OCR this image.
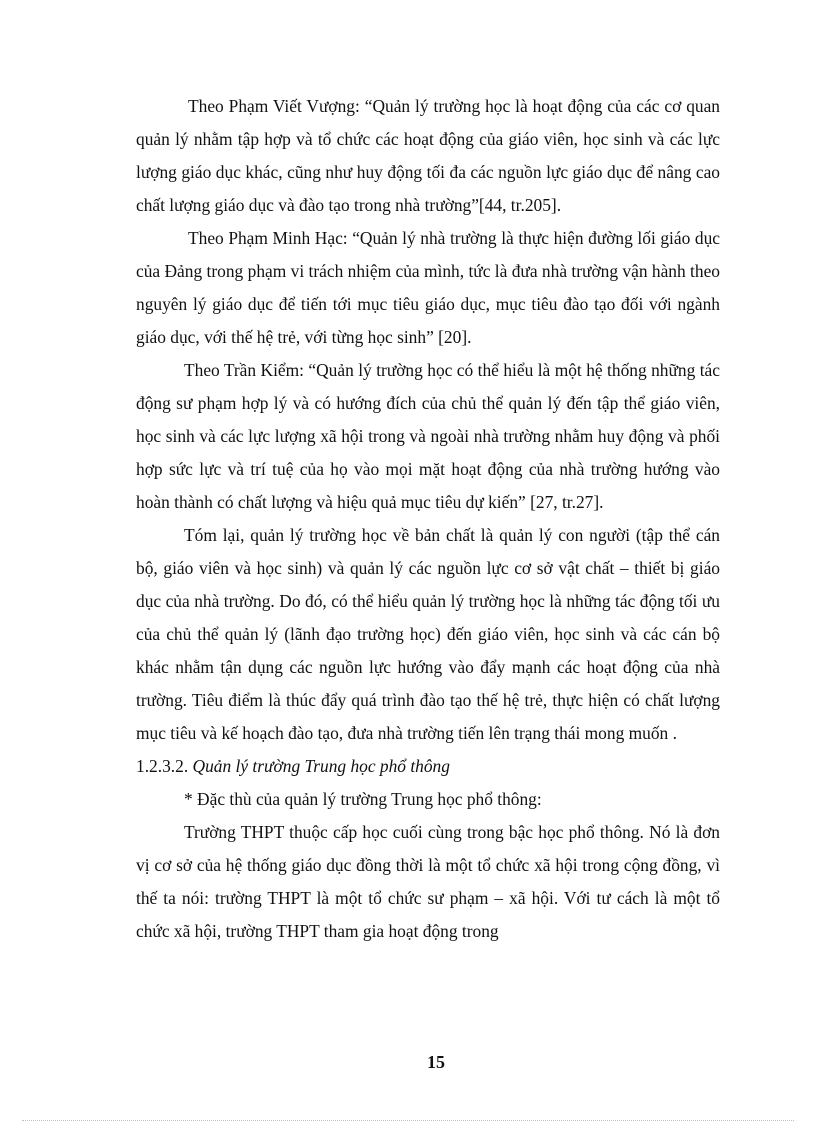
Theo Phạm Viết Vượng: “Quản lý trường học là hoạt động của các cơ quan quản lý nhằm tập hợp và tổ chức các hoạt động của giáo viên, học sinh và các lực lượng giáo dục khác, cũng như huy động tối đa các nguồn lực giáo dục để nâng cao chất lượng giáo dục và đào tạo trong nhà trường”[44, tr.205].

Theo Phạm Minh Hạc: “Quản lý nhà trường là thực hiện đường lối giáo dục của Đảng trong phạm vi trách nhiệm của mình, tức là đưa nhà trường vận hành theo nguyên lý giáo dục để tiến tới mục tiêu giáo dục, mục tiêu đào tạo đối với ngành giáo dục, với thế hệ trẻ, với từng học sinh” [20].

Theo Trần Kiểm: “Quản lý trường học có thể hiểu là một hệ thống những tác động sư phạm hợp lý và có hướng đích của chủ thể quản lý đến tập thể giáo viên, học sinh và các lực lượng xã hội trong và ngoài nhà trường nhằm huy động và phối hợp sức lực và trí tuệ của họ vào mọi mặt hoạt động của nhà trường hướng vào hoàn thành có chất lượng và hiệu quả mục tiêu dự kiến” [27, tr.27].

Tóm lại, quản lý trường học về bản chất là quản lý con người (tập thể cán bộ, giáo viên và học sinh) và quản lý các nguồn lực cơ sở vật chất – thiết bị giáo dục của nhà trường. Do đó, có thể hiểu quản lý trường học là những tác động tối ưu của chủ thể quản lý (lãnh đạo trường học) đến giáo viên, học sinh và các cán bộ khác nhằm tận dụng các nguồn lực hướng vào đẩy mạnh các hoạt động của nhà trường. Tiêu điểm là thúc đẩy quá trình đào tạo thế hệ trẻ, thực hiện có chất lượng mục tiêu và kế hoạch đào tạo, đưa nhà trường tiến lên trạng thái mong muốn .

1.2.3.2. Quản lý trường Trung học phổ thông

* Đặc thù của quản lý trường Trung học phổ thông:

Trường THPT thuộc cấp học cuối cùng trong bậc học phổ thông. Nó là đơn vị cơ sở của hệ thống giáo dục đồng thời là một tổ chức xã hội trong cộng đồng, vì thế ta nói: trường THPT là một tổ chức sư phạm – xã hội. Với tư cách là một tổ chức xã hội, trường THPT tham gia hoạt động trong

15
